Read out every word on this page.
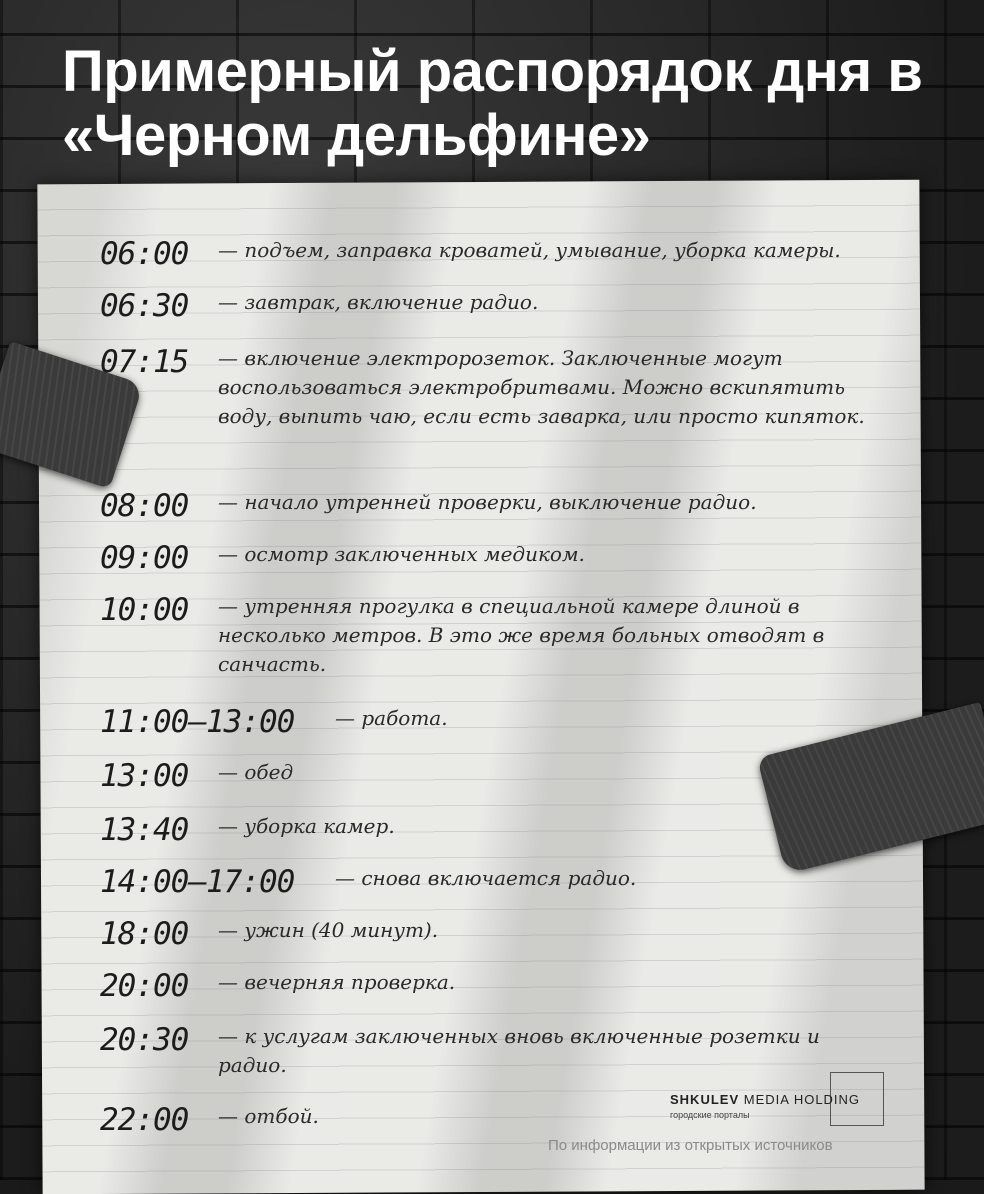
Примерный распорядок дня в «Черном дельфине»
06:00	— подъем, заправка кроватей, умывание, уборка камеры.
06:30	— завтрак, включение радио.
07:15	— включение электророзеток. Заключенные могут воспользоваться электробритвами. Можно вскипятить воду, выпить чаю, если есть заварка, или просто кипяток.
08:00	— начало утренней проверки, выключение радио.
09:00	— осмотр заключенных медиком.
10:00	— утренняя прогулка в специальной камере длиной в несколько метров. В это же время больных отводят в санчасть.
11:00–13:00	— работа.
13:00	— обед
13:40	— уборка камер.
14:00–17:00	— снова включается радио.
18:00	— ужин (40 минут).
20:00	— вечерняя проверка.
20:30	— к услугам заключенных вновь включенные розетки и радио.
22:00	— отбой.
SHKULEV MEDIA HOLDING
городские порталы
По информации из открытых источников
